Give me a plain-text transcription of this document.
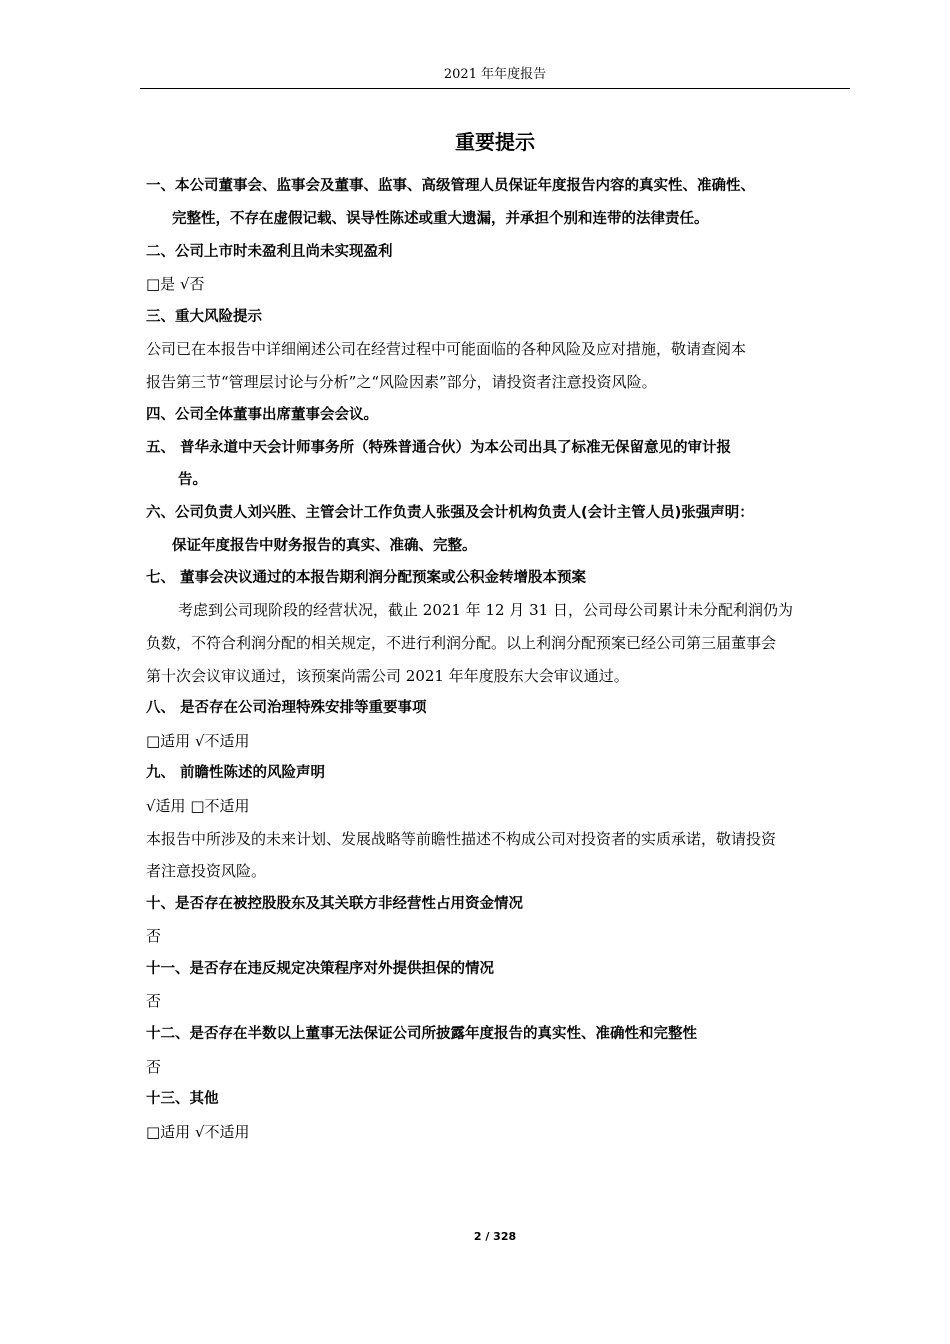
2021 年年度报告
重要提示
一、本公司董事会、监事会及董事、监事、高级管理人员保证年度报告内容的真实性、准确性、
完整性，不存在虚假记载、误导性陈述或重大遗漏，并承担个别和连带的法律责任。
二、公司上市时未盈利且尚未实现盈利
□是 √否
三、重大风险提示
公司已在本报告中详细阐述公司在经营过程中可能面临的各种风险及应对措施，敬请查阅本
报告第三节“管理层讨论与分析”之“风险因素”部分，请投资者注意投资风险。
四、公司全体董事出席董事会会议。
五、 普华永道中天会计师事务所（特殊普通合伙）为本公司出具了标准无保留意见的审计报
告。
六、公司负责人刘兴胜、主管会计工作负责人张强及会计机构负责人(会计主管人员)张强声明：
保证年度报告中财务报告的真实、准确、完整。
七、 董事会决议通过的本报告期利润分配预案或公积金转增股本预案
考虑到公司现阶段的经营状况，截止 2021 年 12 月 31 日，公司母公司累计未分配利润仍为
负数，不符合利润分配的相关规定，不进行利润分配。以上利润分配预案已经公司第三届董事会
第十次会议审议通过，该预案尚需公司 2021 年年度股东大会审议通过。
八、 是否存在公司治理特殊安排等重要事项
□适用 √不适用
九、 前瞻性陈述的风险声明
√适用 □不适用
本报告中所涉及的未来计划、发展战略等前瞻性描述不构成公司对投资者的实质承诺，敬请投资
者注意投资风险。
十、是否存在被控股股东及其关联方非经营性占用资金情况
否
十一、是否存在违反规定决策程序对外提供担保的情况
否
十二、是否存在半数以上董事无法保证公司所披露年度报告的真实性、准确性和完整性
否
十三、其他
□适用 √不适用
2 / 328
